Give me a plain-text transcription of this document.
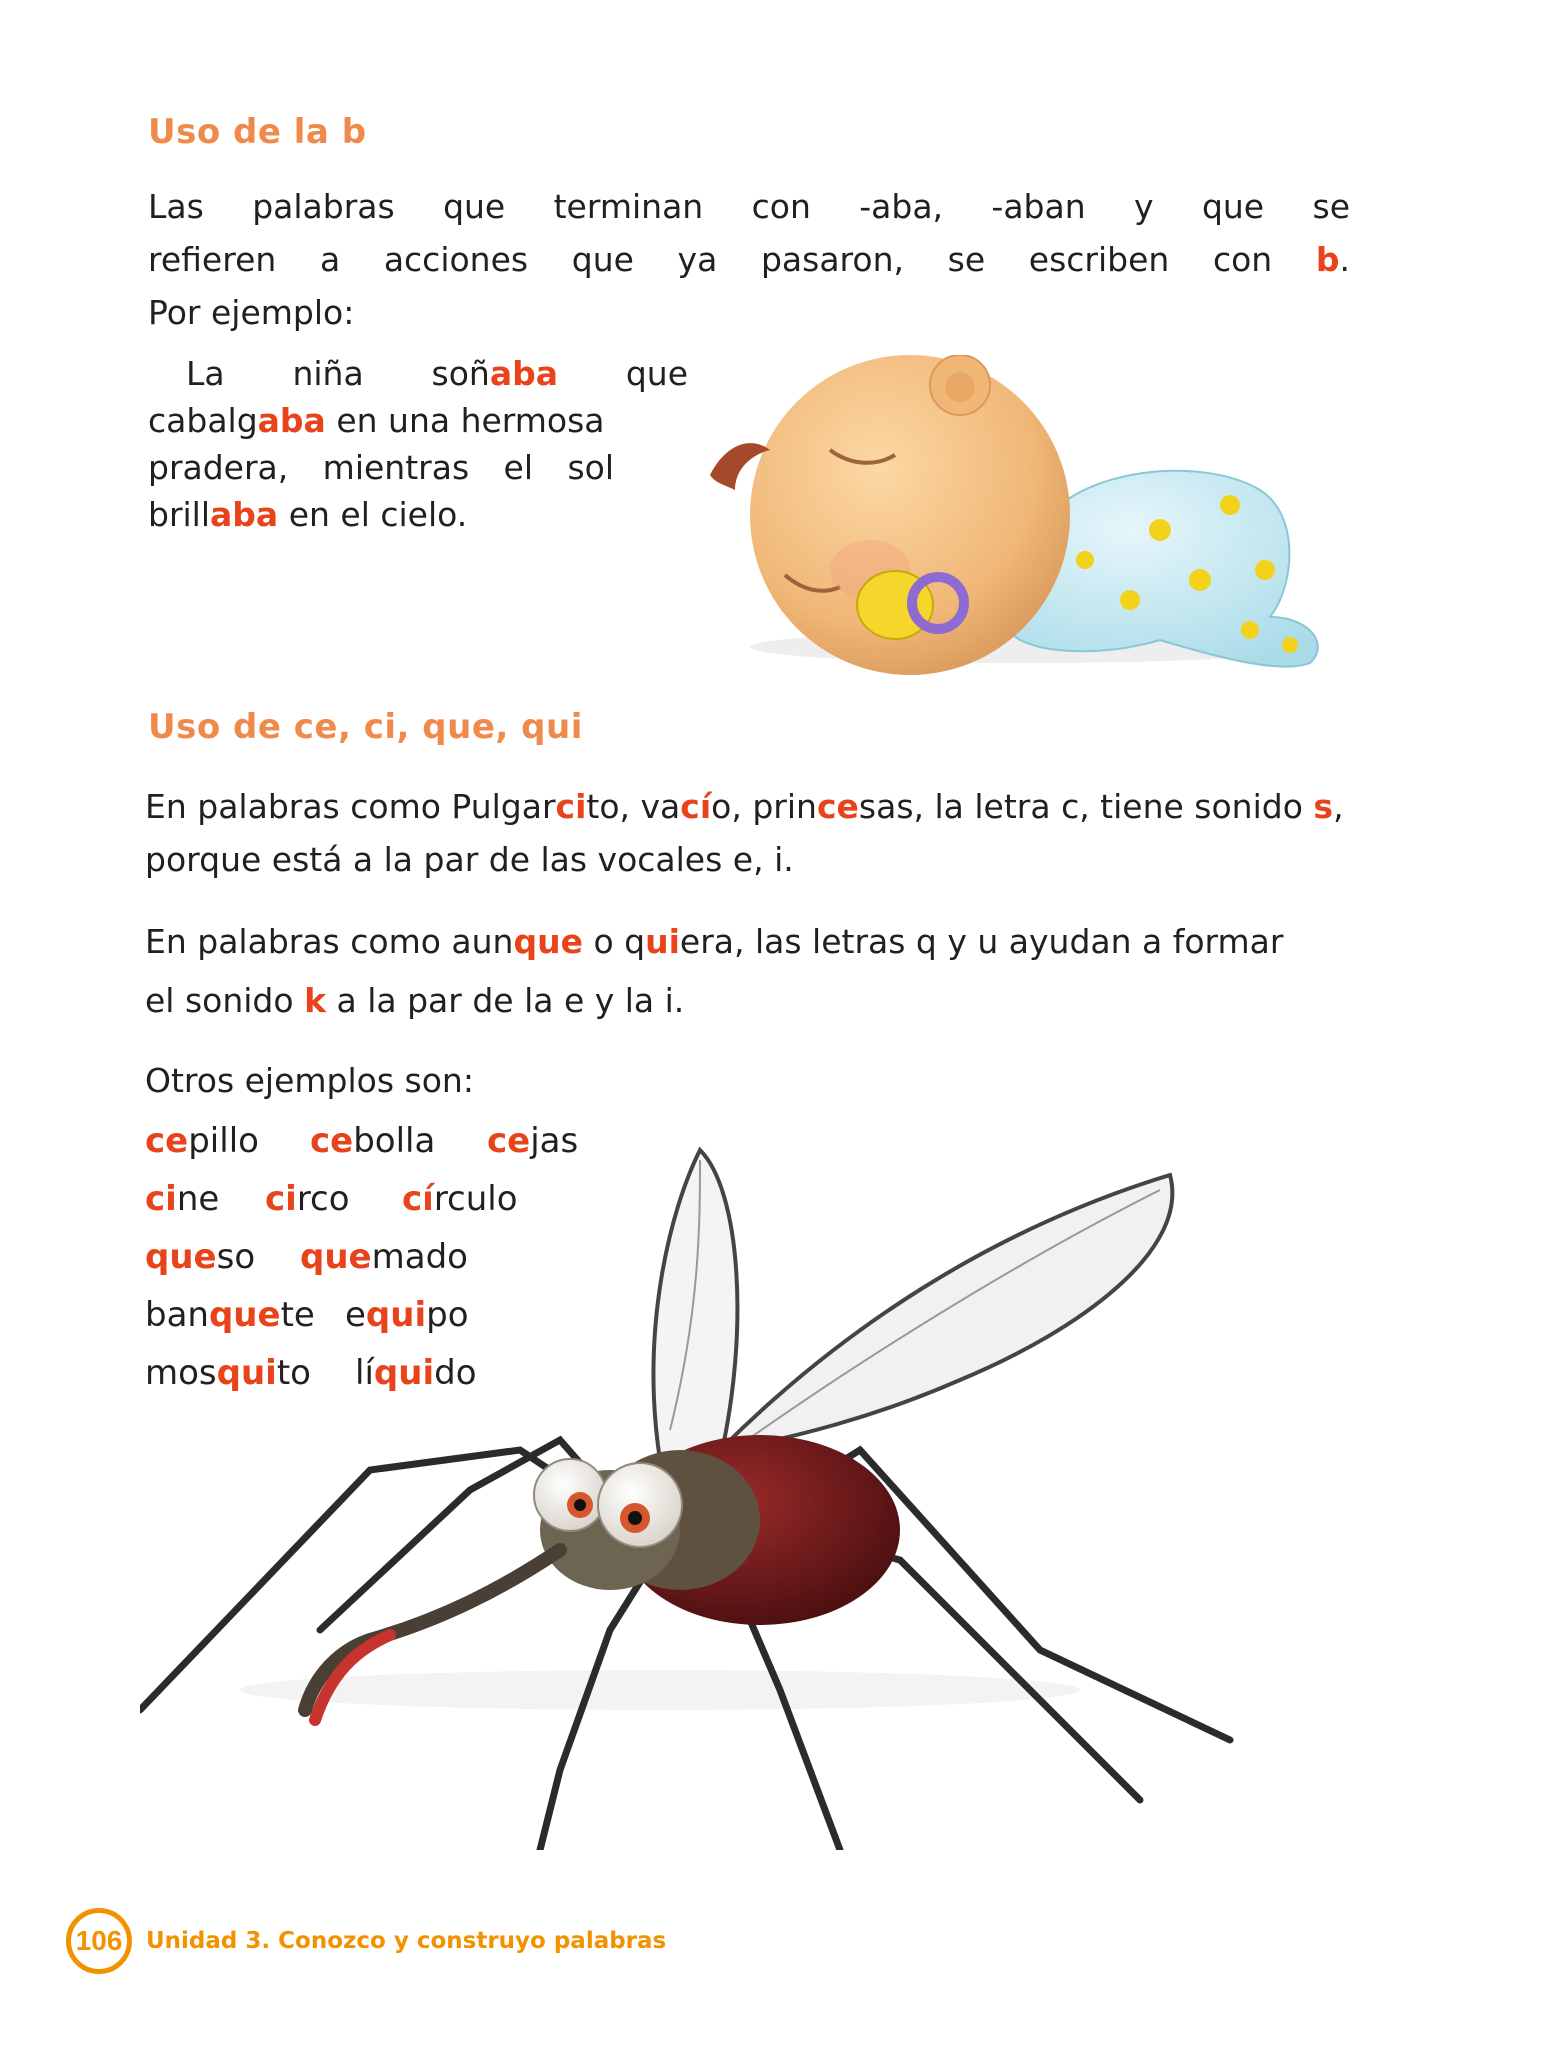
Uso de la b

Las palabras que terminan con -aba, -aban y que se
refieren a acciones que ya pasaron, se escriben con b.
Por ejemplo:

La niña soñaba que
cabalgaba en una hermosa
pradera, mientras el sol
brillaba en el cielo.

Uso de ce, ci, que, qui

En palabras como Pulgarcito, vacío, princesas, la letra c, tiene sonido s,
porque está a la par de las vocales e, i.

En palabras como aunque o quiera, las letras q y u ayudan a formar
el sonido k a la par de la e y la i.

Otros ejemplos son:

cepillo	cebolla	cejas
cine	circo	círculo
queso	quemado
banquete equipo
mosquito	líquido
106	Unidad 3. Conozco y construyo palabras
